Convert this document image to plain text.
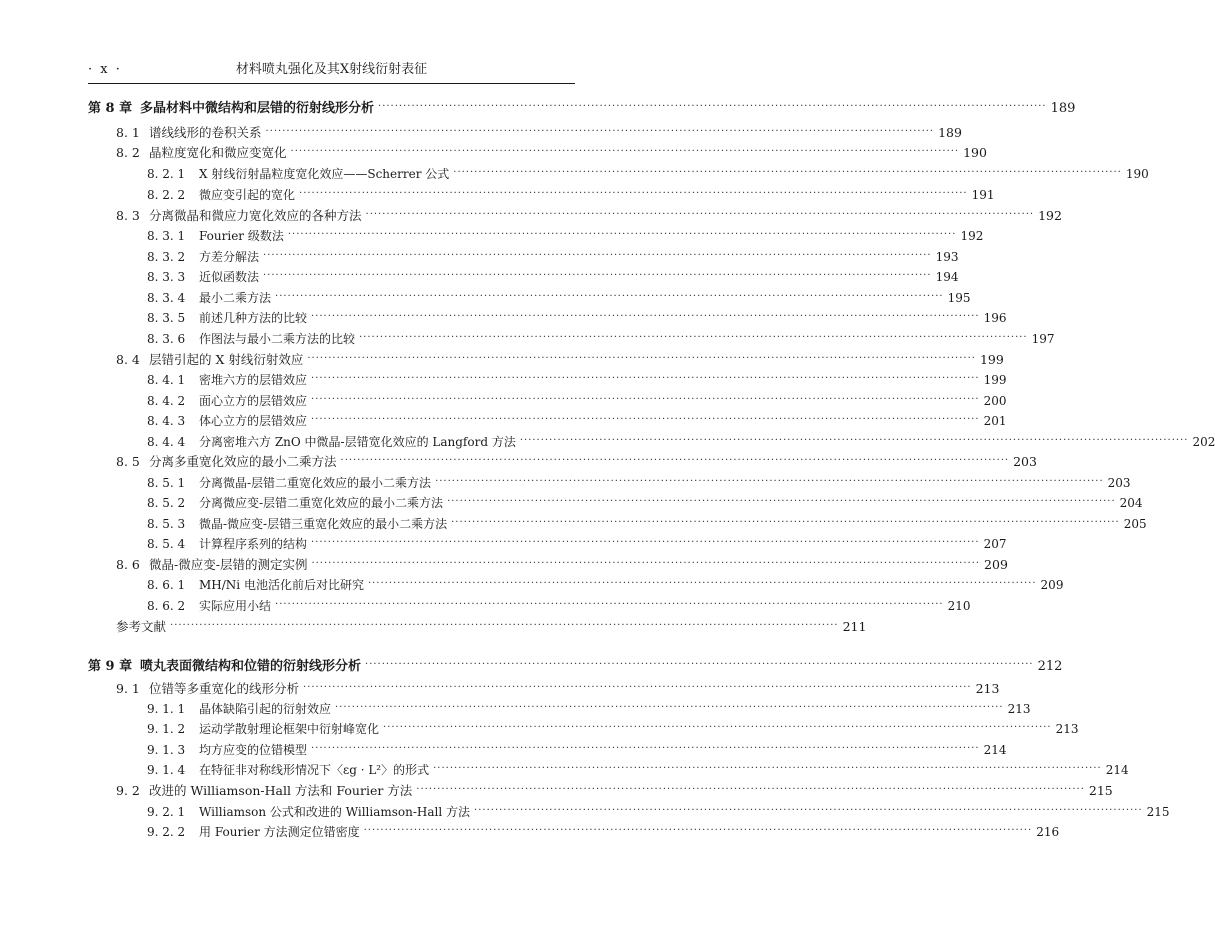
· x ·	材料喷丸强化及其X射线衍射表征
第 8 章 多晶材料中微结构和层错的衍射线形分析 ································································································································································ 189
8. 1 谱线线形的卷积关系 ································································································································································ 189
8. 2 晶粒度宽化和微应变宽化 ································································································································································ 190
8. 2. 1	X 射线衍射晶粒度宽化效应——Scherrer 公式 ································································································································································ 190
8. 2. 2	微应变引起的宽化 ································································································································································ 191
8. 3 分离微晶和微应力宽化效应的各种方法 ································································································································································ 192
8. 3. 1	Fourier 级数法 ································································································································································ 192
8. 3. 2	方差分解法 ································································································································································ 193
8. 3. 3	近似函数法 ································································································································································ 194
8. 3. 4	最小二乘方法 ································································································································································ 195
8. 3. 5	前述几种方法的比较 ································································································································································ 196
8. 3. 6	作图法与最小二乘方法的比较 ································································································································································ 197
8. 4 层错引起的 X 射线衍射效应 ································································································································································ 199
8. 4. 1	密堆六方的层错效应 ································································································································································ 199
8. 4. 2	面心立方的层错效应 ································································································································································ 200
8. 4. 3	体心立方的层错效应 ································································································································································ 201
8. 4. 4	分离密堆六方 ZnO 中微晶-层错宽化效应的 Langford 方法 ································································································································································ 202
8. 5 分离多重宽化效应的最小二乘方法 ································································································································································ 203
8. 5. 1	分离微晶-层错二重宽化效应的最小二乘方法 ································································································································································ 203
8. 5. 2	分离微应变-层错二重宽化效应的最小二乘方法 ································································································································································ 204
8. 5. 3	微晶-微应变-层错三重宽化效应的最小二乘方法 ································································································································································ 205
8. 5. 4	计算程序系列的结构 ································································································································································ 207
8. 6 微晶-微应变-层错的测定实例 ································································································································································ 209
8. 6. 1	MH/Ni 电池活化前后对比研究 ································································································································································ 209
8. 6. 2	实际应用小结 ································································································································································ 210
参考文献 ································································································································································ 211
第 9 章 喷丸表面微结构和位错的衍射线形分析 ································································································································································ 212
9. 1 位错等多重宽化的线形分析 ································································································································································ 213
9. 1. 1	晶体缺陷引起的衍射效应 ································································································································································ 213
9. 1. 2	运动学散射理论框架中衍射峰宽化 ································································································································································ 213
9. 1. 3	均方应变的位错模型 ································································································································································ 214
9. 1. 4	在特征非对称线形情况下〈εg · L²〉的形式 ································································································································································ 214
9. 2 改进的 Williamson-Hall 方法和 Fourier 方法 ································································································································································ 215
9. 2. 1	Williamson 公式和改进的 Williamson-Hall 方法 ································································································································································ 215
9. 2. 2	用 Fourier 方法测定位错密度 ································································································································································ 216
